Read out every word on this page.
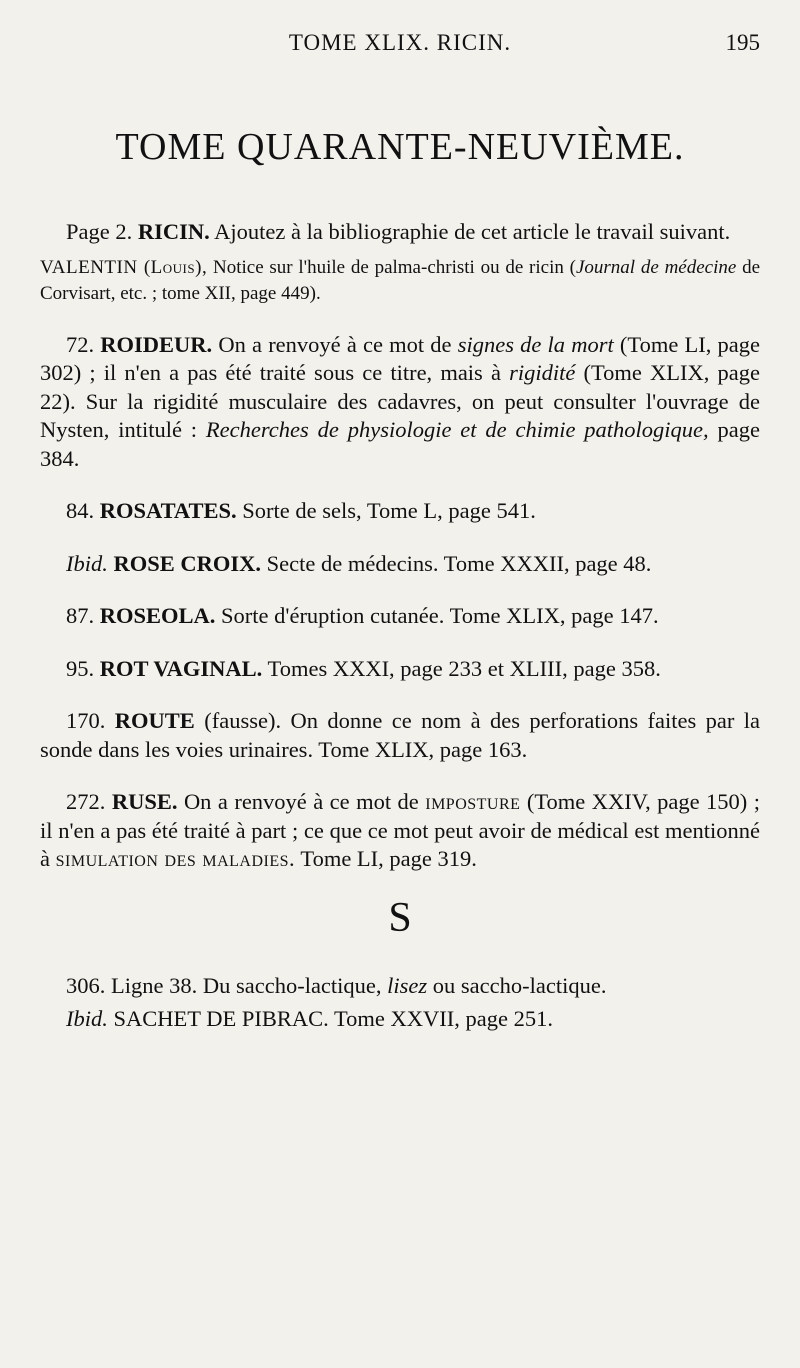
TOME XLIX. RICIN.	195
TOME QUARANTE-NEUVIÈME.

Page 2. RICIN. Ajoutez à la bibliographie de cet article le travail suivant.

VALENTIN (Louis), Notice sur l'huile de palma-christi ou de ricin (Journal de médecine de Corvisart, etc. ; tome XII, page 449).

72. ROIDEUR. On a renvoyé à ce mot de signes de la mort (Tome LI, page 302) ; il n'en a pas été traité sous ce titre, mais à rigidité (Tome XLIX, page 22). Sur la rigidité musculaire des cadavres, on peut consulter l'ouvrage de Nysten, intitulé : Recherches de physiologie et de chimie pathologique, page 384.

84. ROSATATES. Sorte de sels, Tome L, page 541.

Ibid. ROSE CROIX. Secte de médecins. Tome XXXII, page 48.

87. ROSEOLA. Sorte d'éruption cutanée. Tome XLIX, page 147.

95. ROT VAGINAL. Tomes XXXI, page 233 et XLIII, page 358.

170. ROUTE (fausse). On donne ce nom à des perforations faites par la sonde dans les voies urinaires. Tome XLIX, page 163.

272. RUSE. On a renvoyé à ce mot de imposture (Tome XXIV, page 150) ; il n'en a pas été traité à part ; ce que ce mot peut avoir de médical est mentionné à simulation des maladies. Tome LI, page 319.

S

306. Ligne 38. Du saccho-lactique, lisez ou saccho-lactique.

Ibid. SACHET DE PIBRAC. Tome XXVII, page 251.
